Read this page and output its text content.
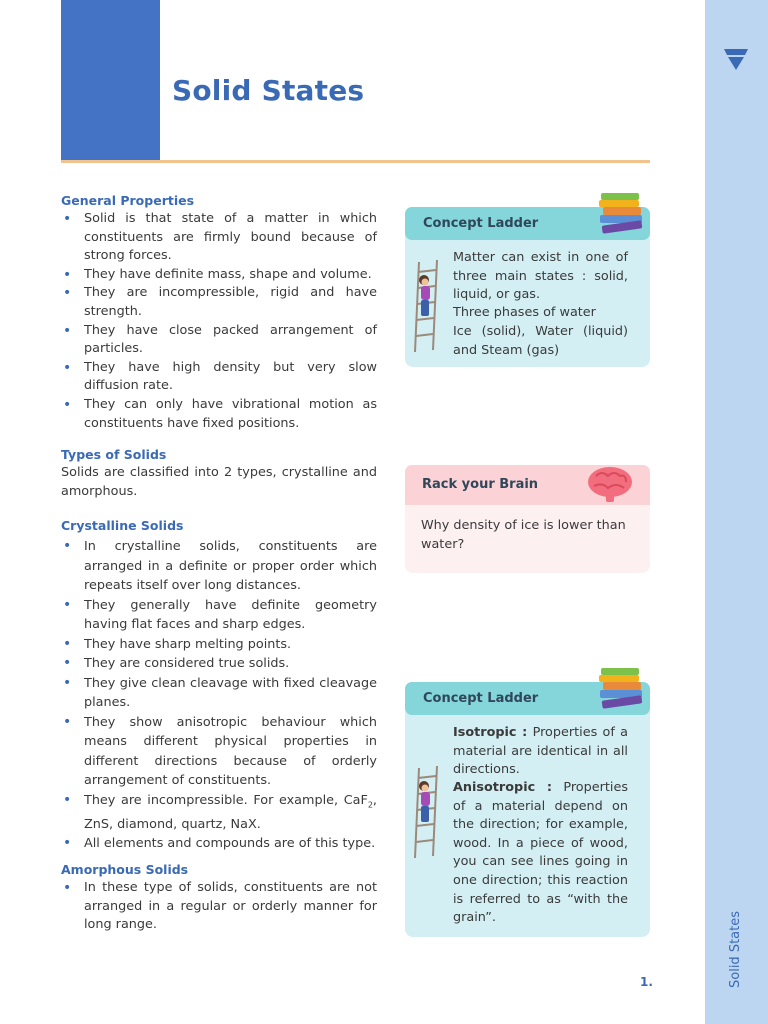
Solid States
Solid States
General Properties
• Solid is that state of a matter in which constituents are firmly bound because of strong forces.
• They have definite mass, shape and volume.
• They are incompressible, rigid and have strength.
• They have close packed arrangement of particles.
• They have high density but very slow diffusion rate.
• They can only have vibrational motion as constituents have fixed positions.
Types of Solids
Solids are classified into 2 types, crystalline and amorphous.
Crystalline Solids
• In crystalline solids, constituents are arranged in a definite or proper order which repeats itself over long distances.
• They generally have definite geometry having flat faces and sharp edges.
• They have sharp melting points.
• They are considered true solids.
• They give clean cleavage with fixed cleavage planes.
• They show anisotropic behaviour which means different physical properties in different directions because of orderly arrangement of constituents.
• They are incompressible. For example, CaF$_2$, ZnS, diamond, quartz, NaX.
• All elements and compounds are of this type.
Amorphous Solids
• In these type of solids, constituents are not arranged in a regular or orderly manner for long range.
Concept Ladder
Matter can exist in one of three main states : solid, liquid, or gas.
Three phases of water
Ice (solid), Water (liquid) and Steam (gas)
Rack your Brain
Why density of ice is lower than water?
Concept Ladder
Isotropic : Properties of a material are identical in all directions.
Anisotropic : Properties of a material depend on the direction; for example, wood. In a piece of wood, you can see lines going in one direction; this reaction is referred to as “with the grain”.
1.
